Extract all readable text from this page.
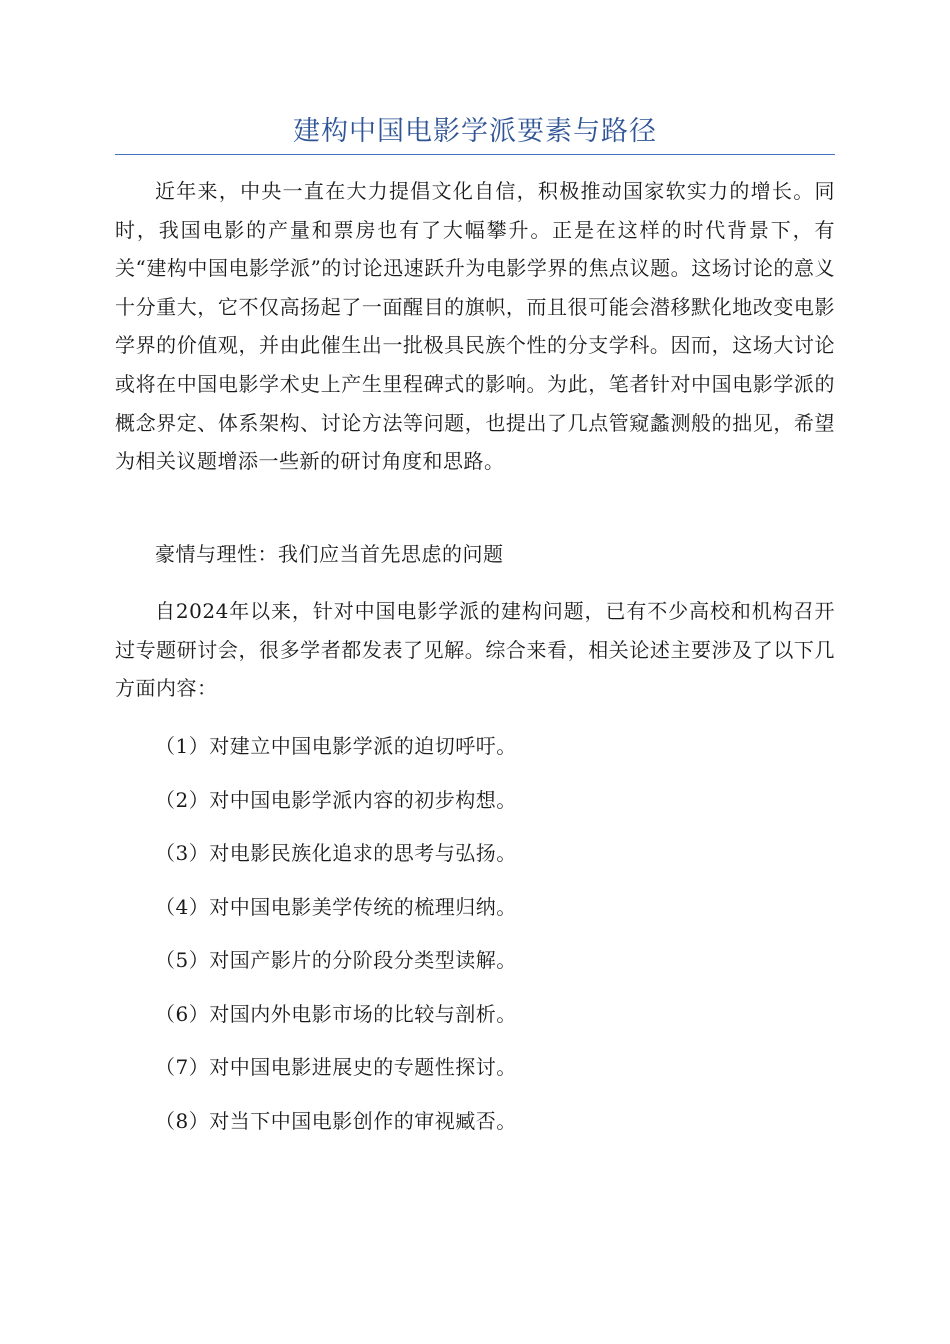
建构中国电影学派要素与路径

近年来，中央一直在大力提倡文化自信，积极推动国家软实力的增长。同时，我国电影的产量和票房也有了大幅攀升。正是在这样的时代背景下，有关“建构中国电影学派”的讨论迅速跃升为电影学界的焦点议题。这场讨论的意义十分重大，它不仅高扬起了一面醒目的旗帜，而且很可能会潜移默化地改变电影学界的价值观，并由此催生出一批极具民族个性的分支学科。因而，这场大讨论或将在中国电影学术史上产生里程碑式的影响。为此，笔者针对中国电影学派的概念界定、体系架构、讨论方法等问题，也提出了几点管窥蠡测般的拙见，希望为相关议题增添一些新的研讨角度和思路。

豪情与理性：我们应当首先思虑的问题

自2024年以来，针对中国电影学派的建构问题，已有不少高校和机构召开过专题研讨会，很多学者都发表了见解。综合来看，相关论述主要涉及了以下几方面内容：

（1）对建立中国电影学派的迫切呼吁。
（2）对中国电影学派内容的初步构想。
（3）对电影民族化追求的思考与弘扬。
（4）对中国电影美学传统的梳理归纳。
（5）对国产影片的分阶段分类型读解。
（6）对国内外电影市场的比较与剖析。
（7）对中国电影进展史的专题性探讨。
（8）对当下中国电影创作的审视臧否。
